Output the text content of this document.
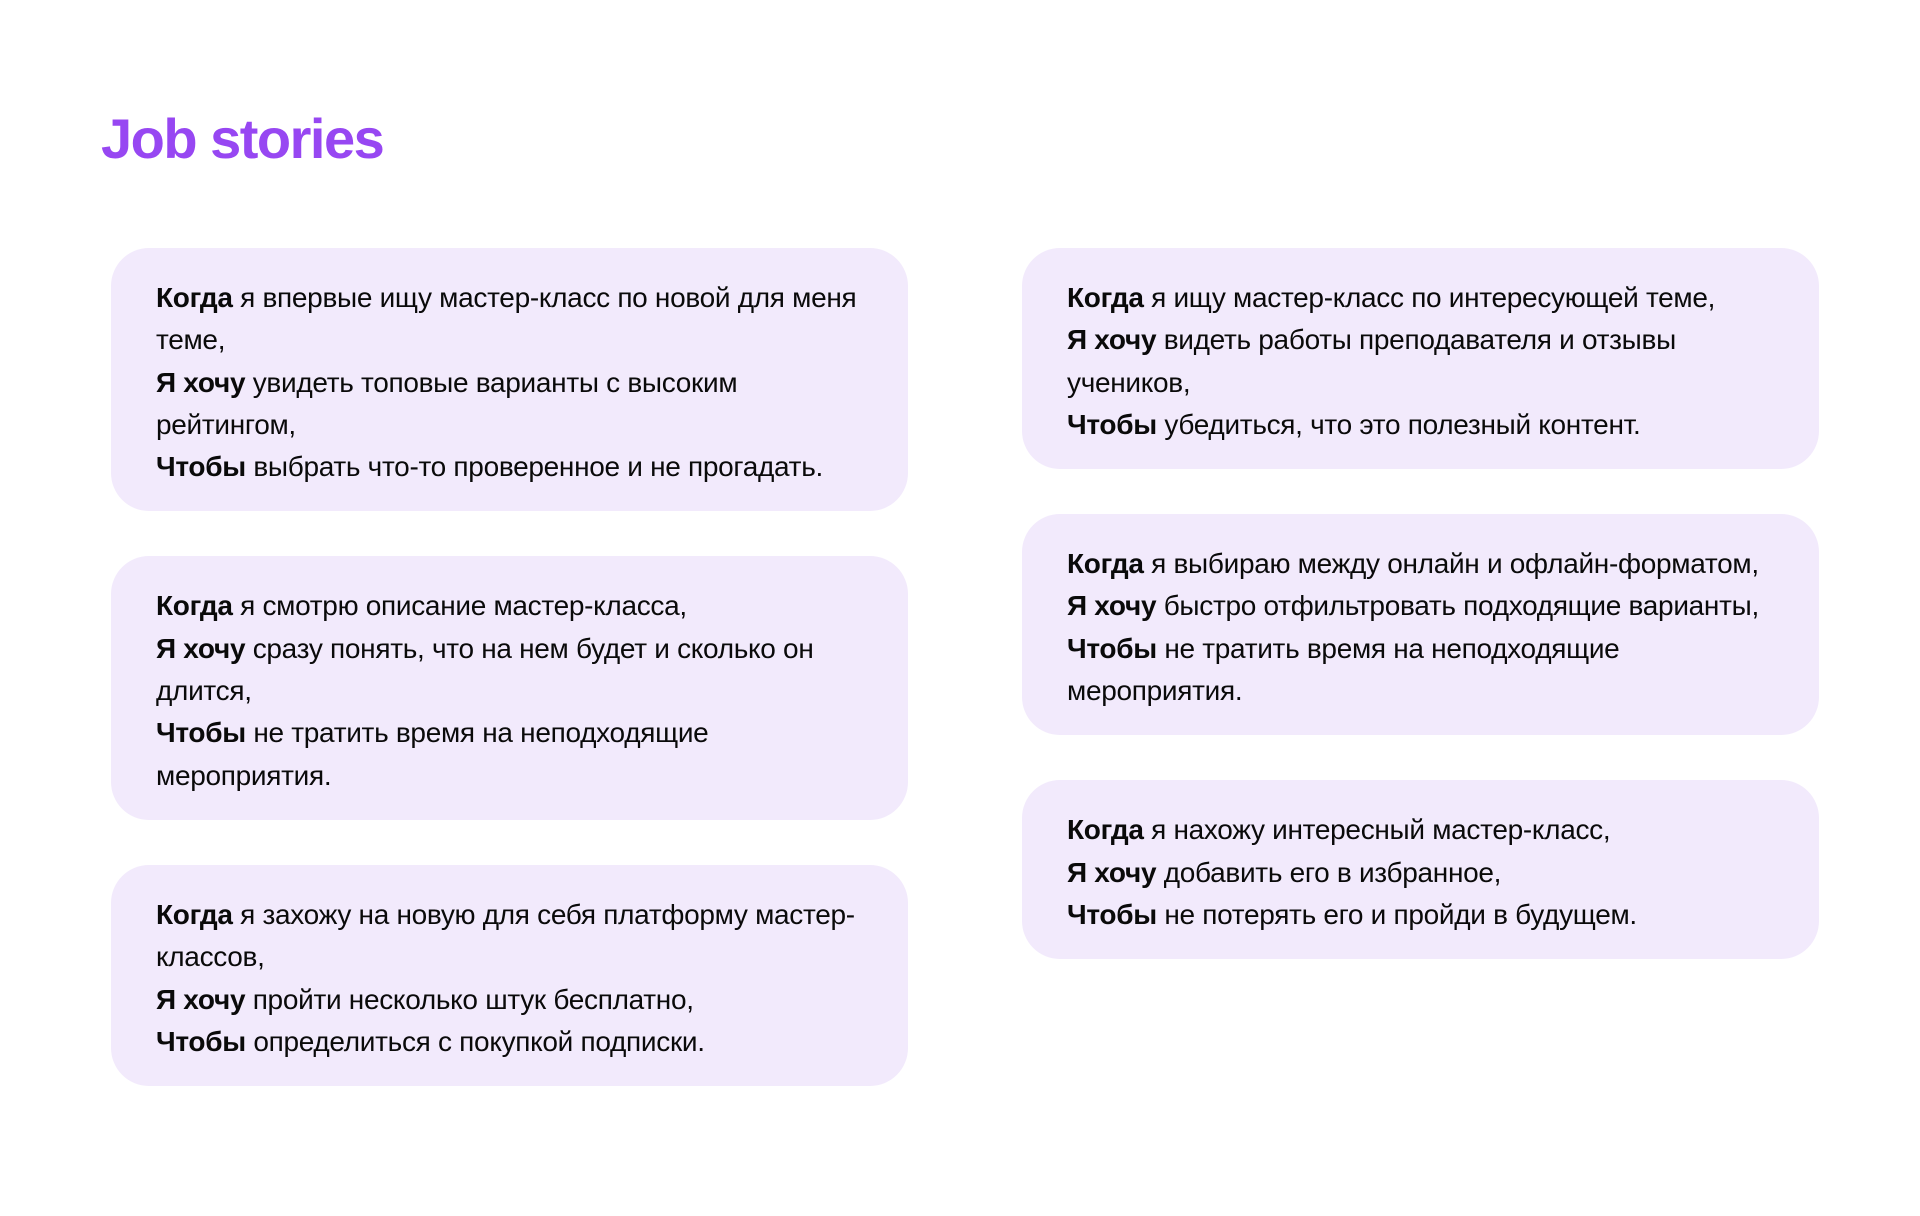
Job stories

Когда я впервые ищу мастер-класс по новой для меня теме,

Я хочу увидеть топовые варианты с высоким рейтингом,

Чтобы выбрать что-то проверенное и не прогадать.

Когда я смотрю описание мастер-класса,

Я хочу сразу понять, что на нем будет и сколько он длится,

Чтобы не тратить время на неподходящие мероприятия.

Когда я захожу на новую для себя платформу мастер-классов,

Я хочу пройти несколько штук бесплатно,

Чтобы определиться с покупкой подписки.

Когда я ищу мастер-класс по интересующей теме,

Я хочу видеть работы преподавателя и отзывы учеников,

Чтобы убедиться, что это полезный контент.

Когда я выбираю между онлайн и офлайн-форматом,

Я хочу быстро отфильтровать подходящие варианты,

Чтобы не тратить время на неподходящие мероприятия.

Когда я нахожу интересный мастер-класс,

Я хочу добавить его в избранное,

Чтобы не потерять его и пройди в будущем.
